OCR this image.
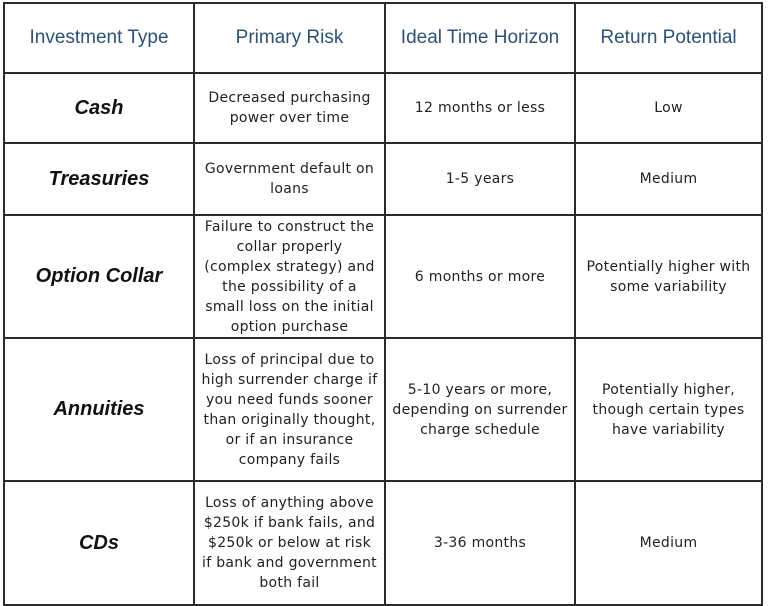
Investment Type	Primary Risk	Ideal Time Horizon	Return Potential
Cash	Decreased purchasing power over time	12 months or less	Low
Treasuries	Government default on loans	1-5 years	Medium
Option Collar	Failure to construct the collar properly (complex strategy) and the possibility of a small loss on the initial option purchase	6 months or more	Potentially higher with some variability
Annuities	Loss of principal due to high surrender charge if you need funds sooner than originally thought, or if an insurance company fails	5-10 years or more, depending on surrender charge schedule	Potentially higher, though certain types have variability
CDs	Loss of anything above $250k if bank fails, and $250k or below at risk if bank and government both fail	3-36 months	Medium
